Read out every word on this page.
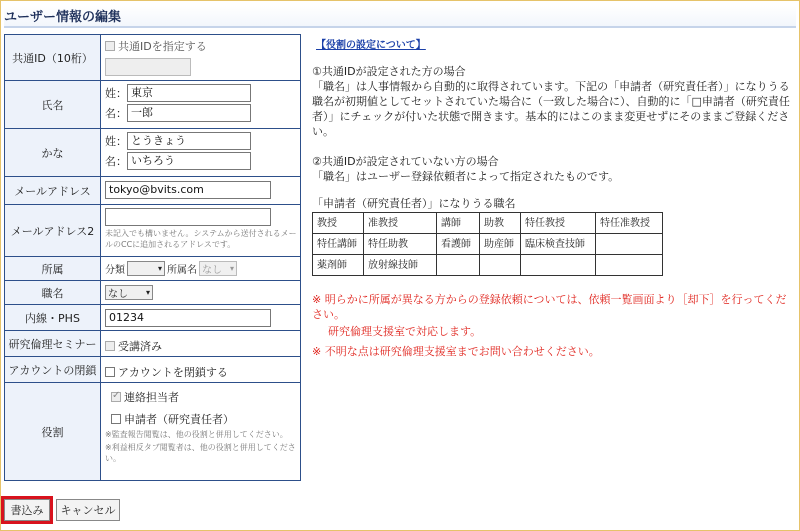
ユーザー情報の編集
共通ID（10桁）	共通IDを指定する

氏名	姓： 東京
名： 一郎

かな	姓： とうきょう
名： いちろう

メールアドレス	tokyo@bvits.com

メールアドレス2	未記入でも構いません。システムから送付されるメールのCCに追加されるアドレスです。

所属	分類 ▾ 所属名 なし ▾

職名	なし ▾

内線・PHS	01234

研究倫理セミナー	受講済み

アカウントの閉鎖	アカウントを閉鎖する

役割	✓ 連絡担当者
申請者（研究責任者）
※監査報告閲覧は、他の役割と併用してください。
※利益相反タブ閲覧者は、他の役割と併用してください。
書込み	キャンセル
【役割の設定について】
①共通IDが設定された方の場合
「職名」は人事情報から自動的に取得されています。下記の「申請者（研究責任者）」になりうる職名が初期値としてセットされていた場合に（一致した場合に）、自動的に「□申請者（研究責任者）」にチェックが付いた状態で開きます。基本的にはこのまま変更せずにそのままご登録ください。
②共通IDが設定されていない方の場合
「職名」はユーザー登録依頼者によって指定されたものです。
「申請者（研究責任者）」になりうる職名
教授	准教授	講師	助教	特任教授	特任准教授
特任講師	特任助教	看護師	助産師	臨床検査技師	
薬剤師	放射線技師				
※ 明らかに所属が異なる方からの登録依頼については、依頼一覧画面より［却下］を行ってください。
研究倫理支援室で対応します。
※ 不明な点は研究倫理支援室までお問い合わせください。
